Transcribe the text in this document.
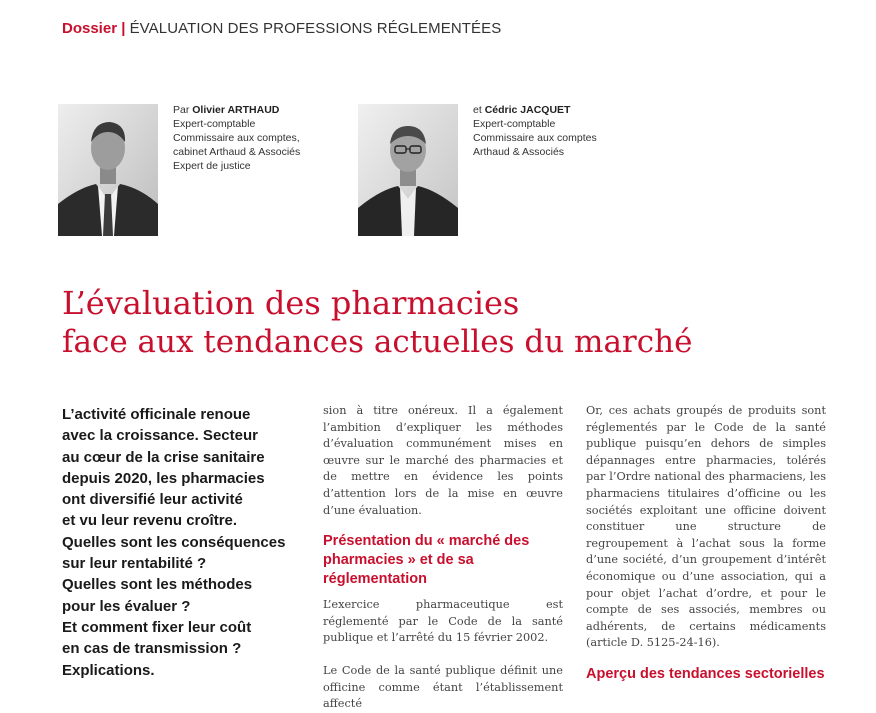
Dossier | ÉVALUATION DES PROFESSIONS RÉGLEMENTÉES
Par Olivier ARTHAUD
Expert-comptable
Commissaire aux comptes,
cabinet Arthaud & Associés
Expert de justice
et Cédric JACQUET
Expert-comptable
Commissaire aux comptes
Arthaud & Associés
L’évaluation des pharmacies
face aux tendances actuelles du marché
L’activité officinale renoue
avec la croissance. Secteur
au cœur de la crise sanitaire
depuis 2020, les pharmacies
ont diversifié leur activité
et vu leur revenu croître.
Quelles sont les conséquences
sur leur rentabilité ?
Quelles sont les méthodes
pour les évaluer ?
Et comment fixer leur coût
en cas de transmission ?
Explications.

sion à titre onéreux. Il a également l’ambition d’expliquer les méthodes d’évaluation communément mises en œuvre sur le marché des pharmacies et de mettre en évidence les points d’attention lors de la mise en œuvre d’une évaluation.

Présentation du « marché des pharmacies » et de sa réglementation

L’exercice pharmaceutique est réglementé par le Code de la santé publique et l’arrêté du 15 février 2002.

Le Code de la santé publique définit une officine comme étant l’établissement affecté

Or, ces achats groupés de produits sont réglementés par le Code de la santé publique puisqu’en dehors de simples dépannages entre pharmacies, tolérés par l’Ordre national des pharmaciens, les pharmaciens titulaires d’officine ou les sociétés exploitant une officine doivent constituer une structure de regroupement à l’achat sous la forme d’une société, d’un groupement d’intérêt économique ou d’une association, qui a pour objet l’achat d’ordre, et pour le compte de ses associés, membres ou adhérents, de certains médicaments (article D. 5125-24-16).

Aperçu des tendances sectorielles
